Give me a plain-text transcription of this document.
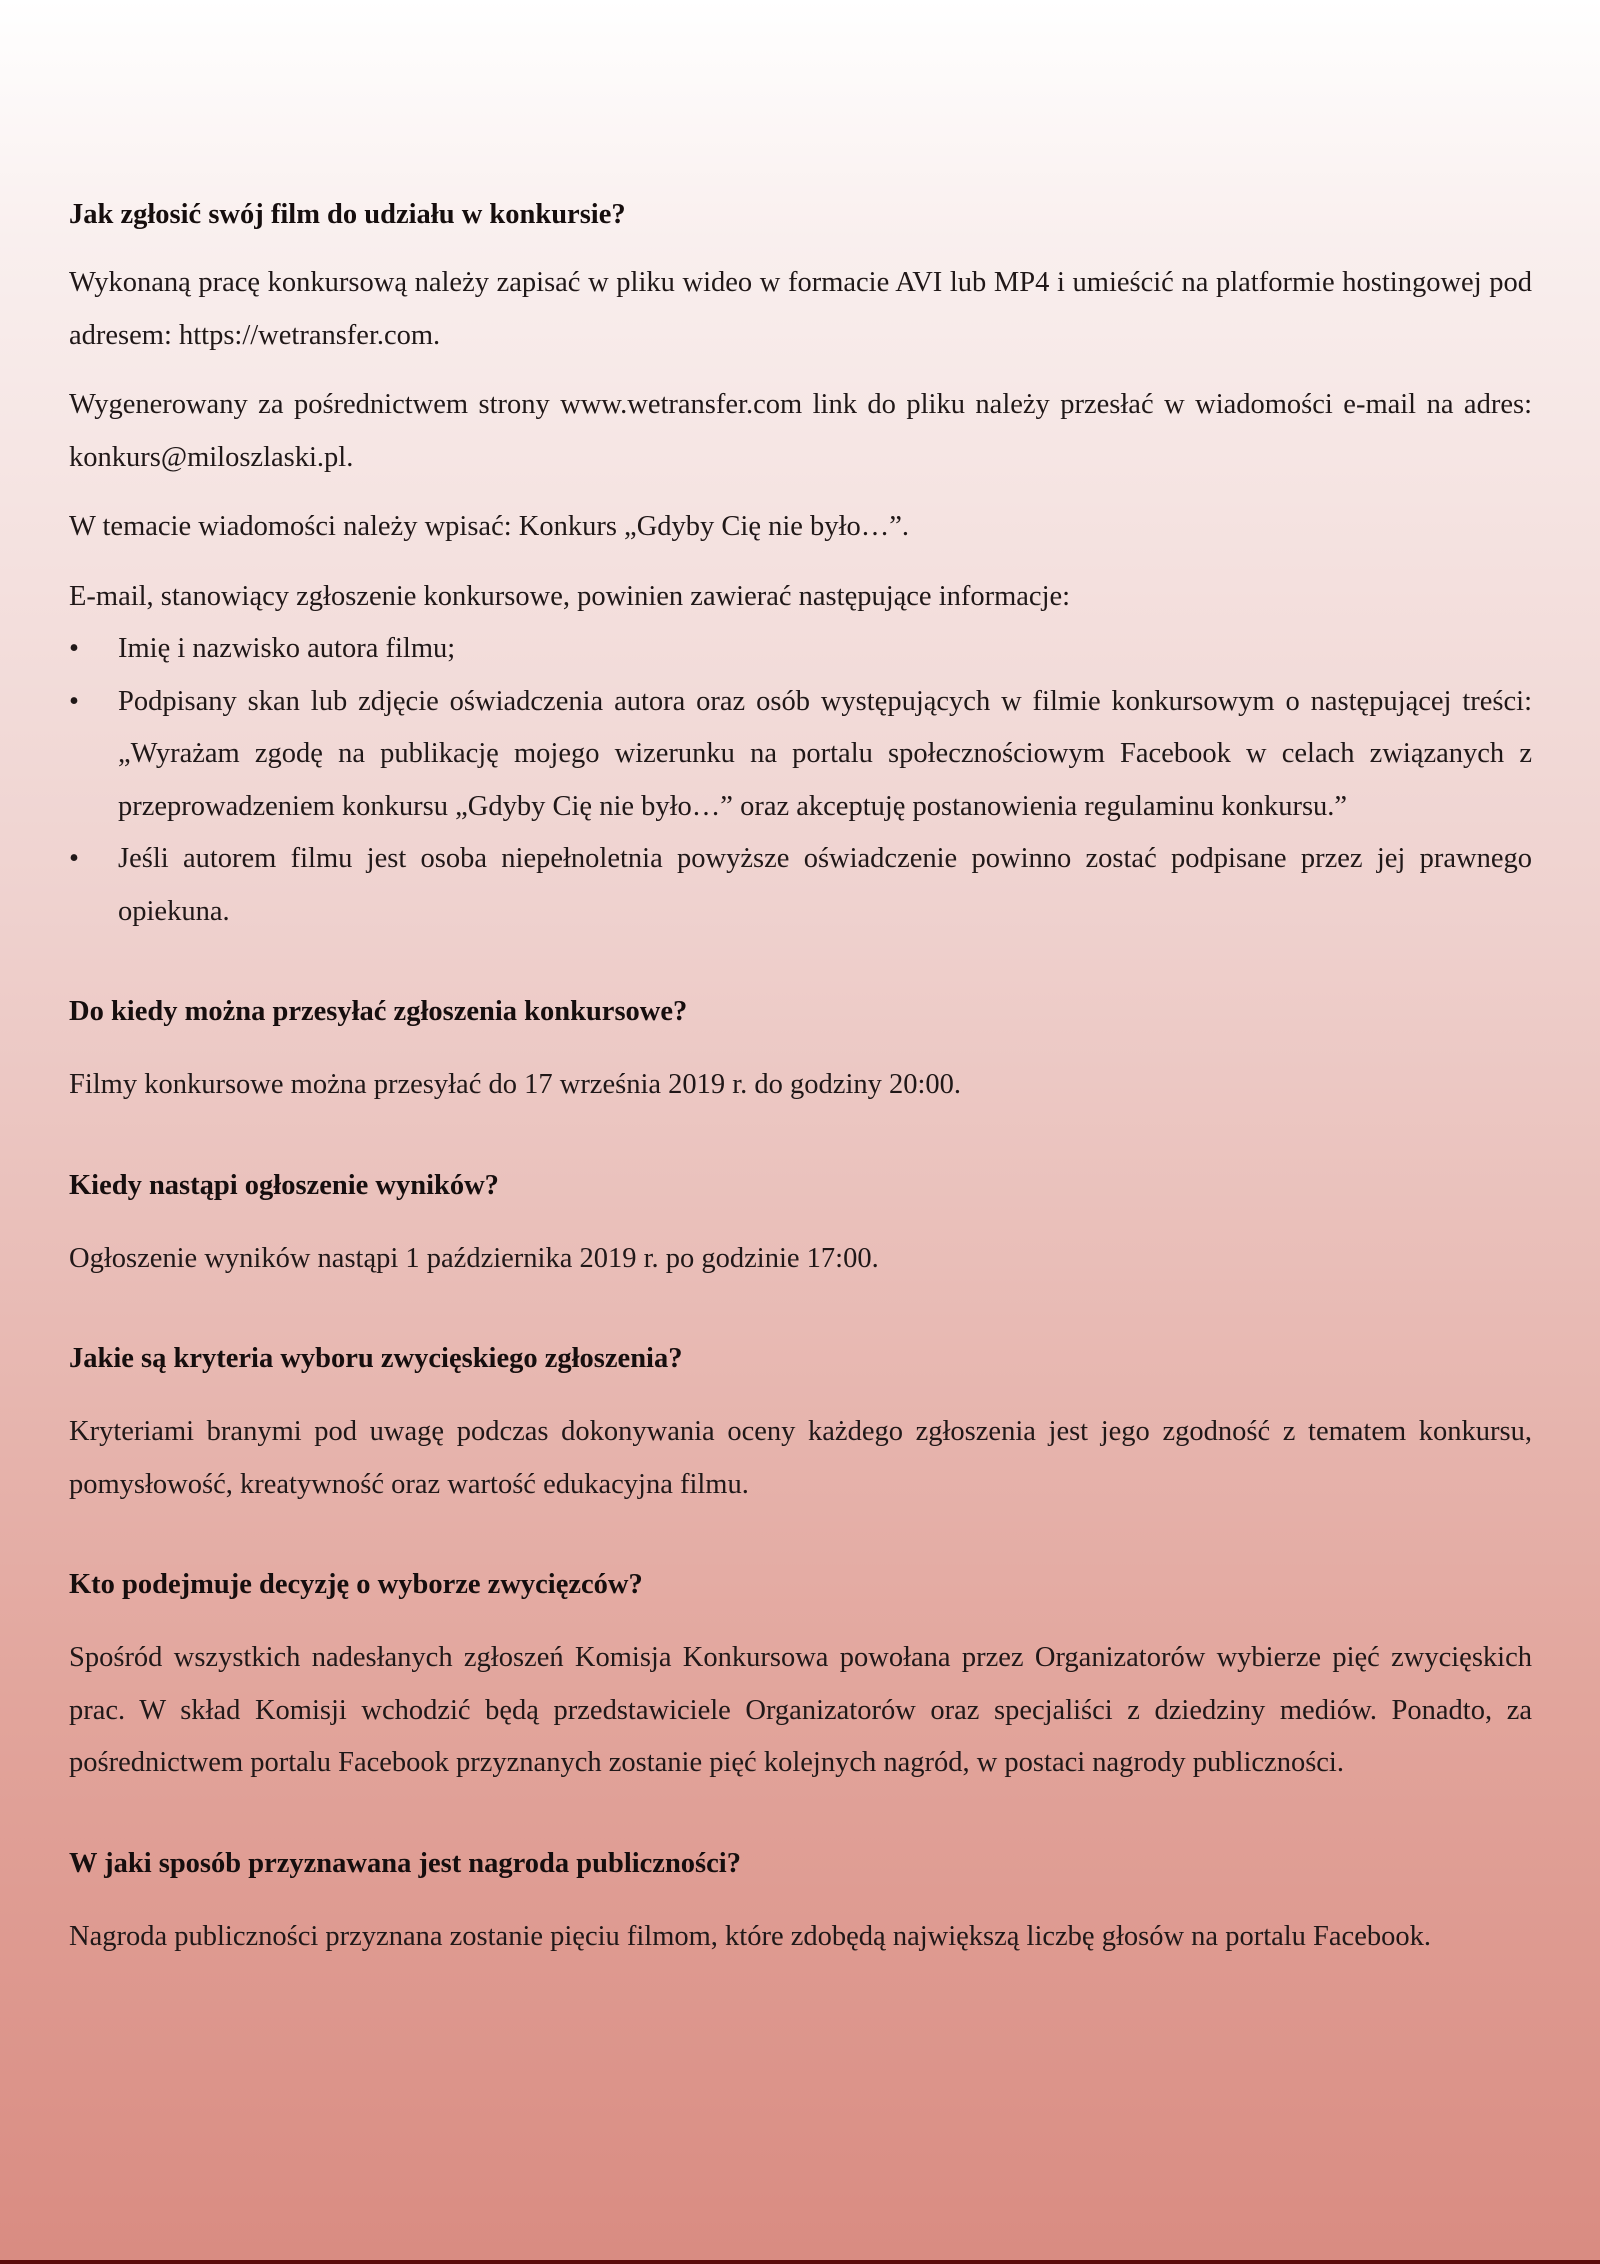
Jak zgłosić swój film do udziału w konkursie?

Wykonaną pracę konkursową należy zapisać w pliku wideo w formacie AVI lub MP4 i umieścić na platformie hostingowej pod adresem: https://wetransfer.com.

Wygenerowany za pośrednictwem strony www.wetransfer.com link do pliku należy przesłać w wiadomości e-mail na adres: konkurs@miloszlaski.pl.

W temacie wiadomości należy wpisać: Konkurs „Gdyby Cię nie było…”.

E-mail, stanowiący zgłoszenie konkursowe, powinien zawierać następujące informacje:

• Imię i nazwisko autora filmu;
• Podpisany skan lub zdjęcie oświadczenia autora oraz osób występujących w filmie konkursowym o następującej treści: „Wyrażam zgodę na publikację mojego wizerunku na portalu społecznościowym Facebook w celach związanych z przeprowadzeniem konkursu „Gdyby Cię nie było…” oraz akceptuję postanowienia regulaminu konkursu.”
• Jeśli autorem filmu jest osoba niepełnoletnia powyższe oświadczenie powinno zostać podpisane przez jej prawnego opiekuna.
Do kiedy można przesyłać zgłoszenia konkursowe?

Filmy konkursowe można przesyłać do 17 września 2019 r. do godziny 20:00.

Kiedy nastąpi ogłoszenie wyników?

Ogłoszenie wyników nastąpi 1 października 2019 r. po godzinie 17:00.

Jakie są kryteria wyboru zwycięskiego zgłoszenia?

Kryteriami branymi pod uwagę podczas dokonywania oceny każdego zgłoszenia jest jego zgodność z tematem konkursu, pomysłowość, kreatywność oraz wartość edukacyjna filmu.

Kto podejmuje decyzję o wyborze zwycięzców?

Spośród wszystkich nadesłanych zgłoszeń Komisja Konkursowa powołana przez Organizatorów wybierze pięć zwycięskich prac. W skład Komisji wchodzić będą przedstawiciele Organizatorów oraz specjaliści z dziedziny mediów. Ponadto, za pośrednictwem portalu Facebook przyznanych zostanie pięć kolejnych nagród, w postaci nagrody publiczności.

W jaki sposób przyznawana jest nagroda publiczności?

Nagroda publiczności przyznana zostanie pięciu filmom, które zdobędą największą liczbę głosów na portalu Facebook.
